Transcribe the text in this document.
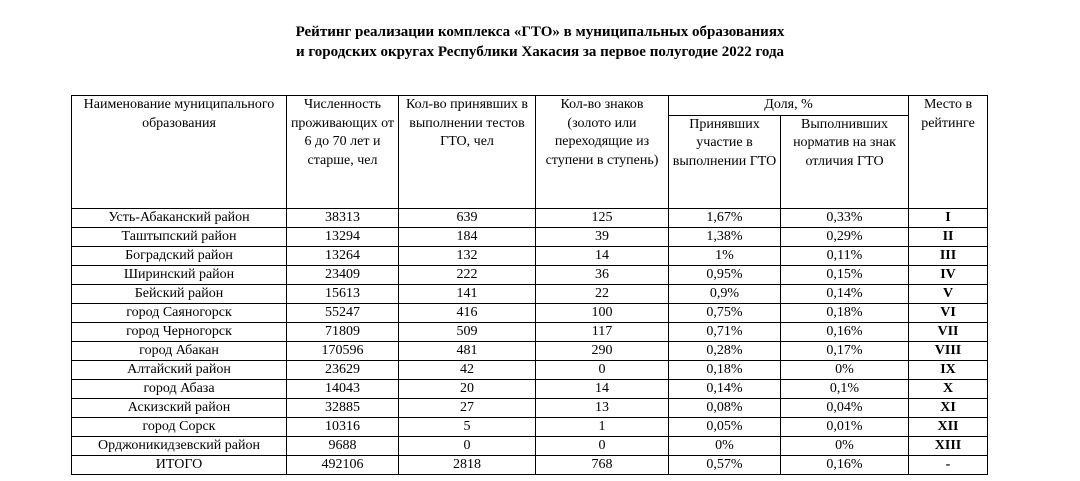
Рейтинг реализации комплекса «ГТО» в муниципальных образованиях
и городских округах Республики Хакасия за первое полугодие 2022 года
Наименование муниципального образования	Численность проживающих от 6 до 70 лет и старше, чел	Кол-во принявших в выполнении тестов ГТО, чел	Кол-во знаков (золото или переходящие из ступени в ступень)	Доля, %		Место в рейтинге
				Принявших участие в выполнении ГТО	Выполнивших норматив на знак отличия ГТО	
Усть-Абаканский район	38313	639	125	1,67%	0,33%	I
Таштыпский район	13294	184	39	1,38%	0,29%	II
Боградский район	13264	132	14	1%	0,11%	III
Ширинский район	23409	222	36	0,95%	0,15%	IV
Бейский район	15613	141	22	0,9%	0,14%	V
город Саяногорск	55247	416	100	0,75%	0,18%	VI
город Черногорск	71809	509	117	0,71%	0,16%	VII
город Абакан	170596	481	290	0,28%	0,17%	VIII
Алтайский район	23629	42	0	0,18%	0%	IX
город Абаза	14043	20	14	0,14%	0,1%	X
Аскизский район	32885	27	13	0,08%	0,04%	XI
город Сорск	10316	5	1	0,05%	0,01%	XII
Орджоникидзевский район	9688	0	0	0%	0%	XIII
ИТОГО	492106	2818	768	0,57%	0,16%	-
